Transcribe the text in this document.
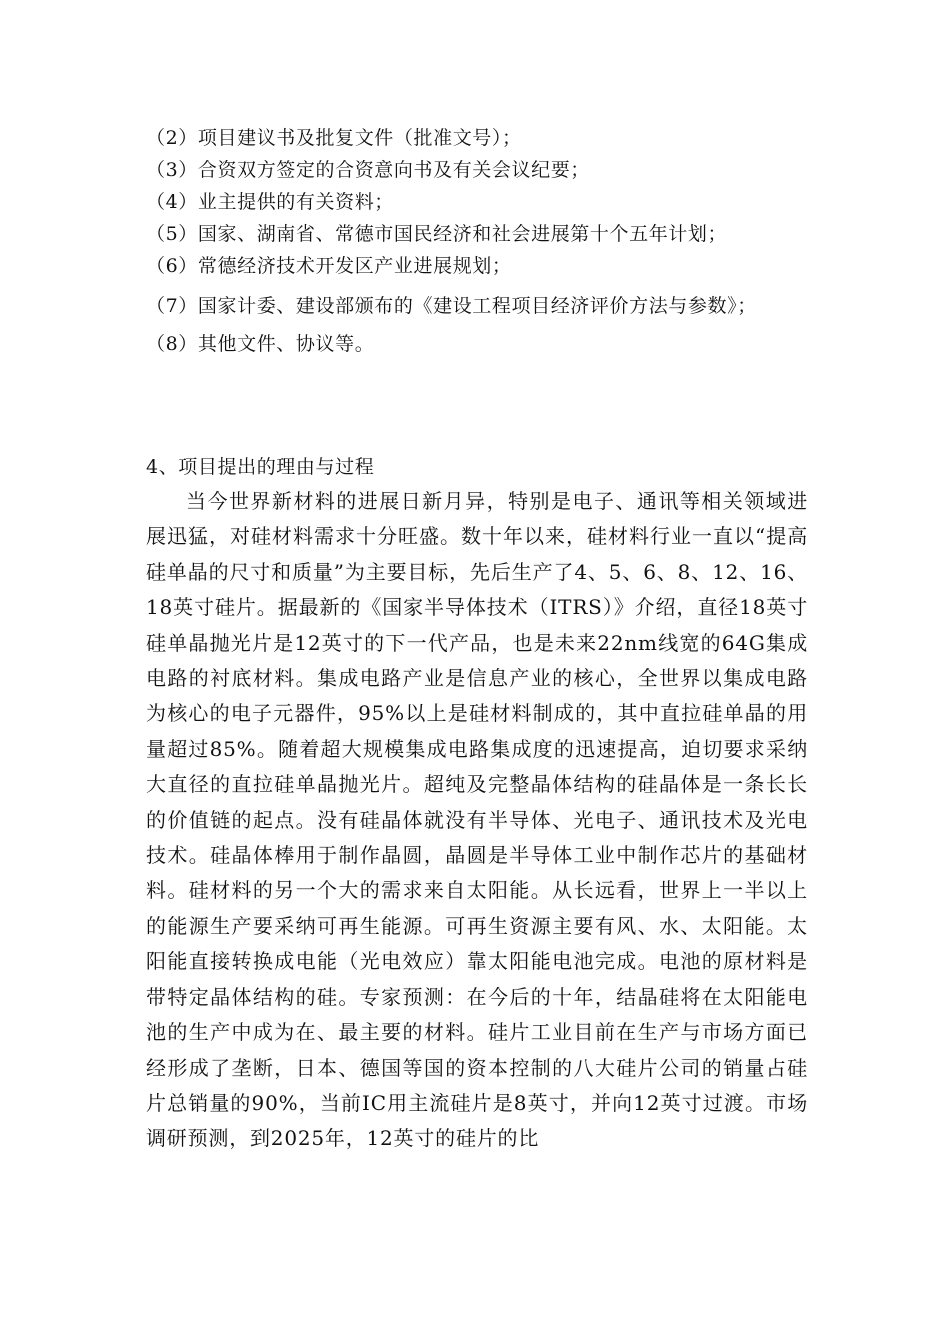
（2）项目建议书及批复文件（批准文号）；
（3）合资双方签定的合资意向书及有关会议纪要；
（4）业主提供的有关资料；
（5）国家、湖南省、常德市国民经济和社会进展第十个五年计划；
（6）常德经济技术开发区产业进展规划；
（7）国家计委、建设部颁布的《建设工程项目经济评价方法与参数》；
（8）其他文件、协议等。
4、项目提出的理由与过程
当今世界新材料的进展日新月异，特别是电子、通讯等相关领域进展迅猛，对硅材料需求十分旺盛。数十年以来，硅材料行业一直以“提高硅单晶的尺寸和质量”为主要目标，先后生产了4、5、6、8、12、16、18英寸硅片。据最新的《国家半导体技术（ITRS）》介绍，直径18英寸硅单晶抛光片是12英寸的下一代产品，也是未来22nm线宽的64G集成电路的衬底材料。集成电路产业是信息产业的核心，全世界以集成电路为核心的电子元器件，95%以上是硅材料制成的，其中直拉硅单晶的用量超过85%。随着超大规模集成电路集成度的迅速提高，迫切要求采纳大直径的直拉硅单晶抛光片。超纯及完整晶体结构的硅晶体是一条长长的价值链的起点。没有硅晶体就没有半导体、光电子、通讯技术及光电技术。硅晶体棒用于制作晶圆，晶圆是半导体工业中制作芯片的基础材料。硅材料的另一个大的需求来自太阳能。从长远看，世界上一半以上的能源生产要采纳可再生能源。可再生资源主要有风、水、太阳能。太阳能直接转换成电能（光电效应）靠太阳能电池完成。电池的原材料是带特定晶体结构的硅。专家预测：在今后的十年，结晶硅将在太阳能电池的生产中成为在、最主要的材料。硅片工业目前在生产与市场方面已经形成了垄断，日本、德国等国的资本控制的八大硅片公司的销量占硅片总销量的90%，当前IC用主流硅片是8英寸，并向12英寸过渡。市场调研预测，到2025年，12英寸的硅片的比
